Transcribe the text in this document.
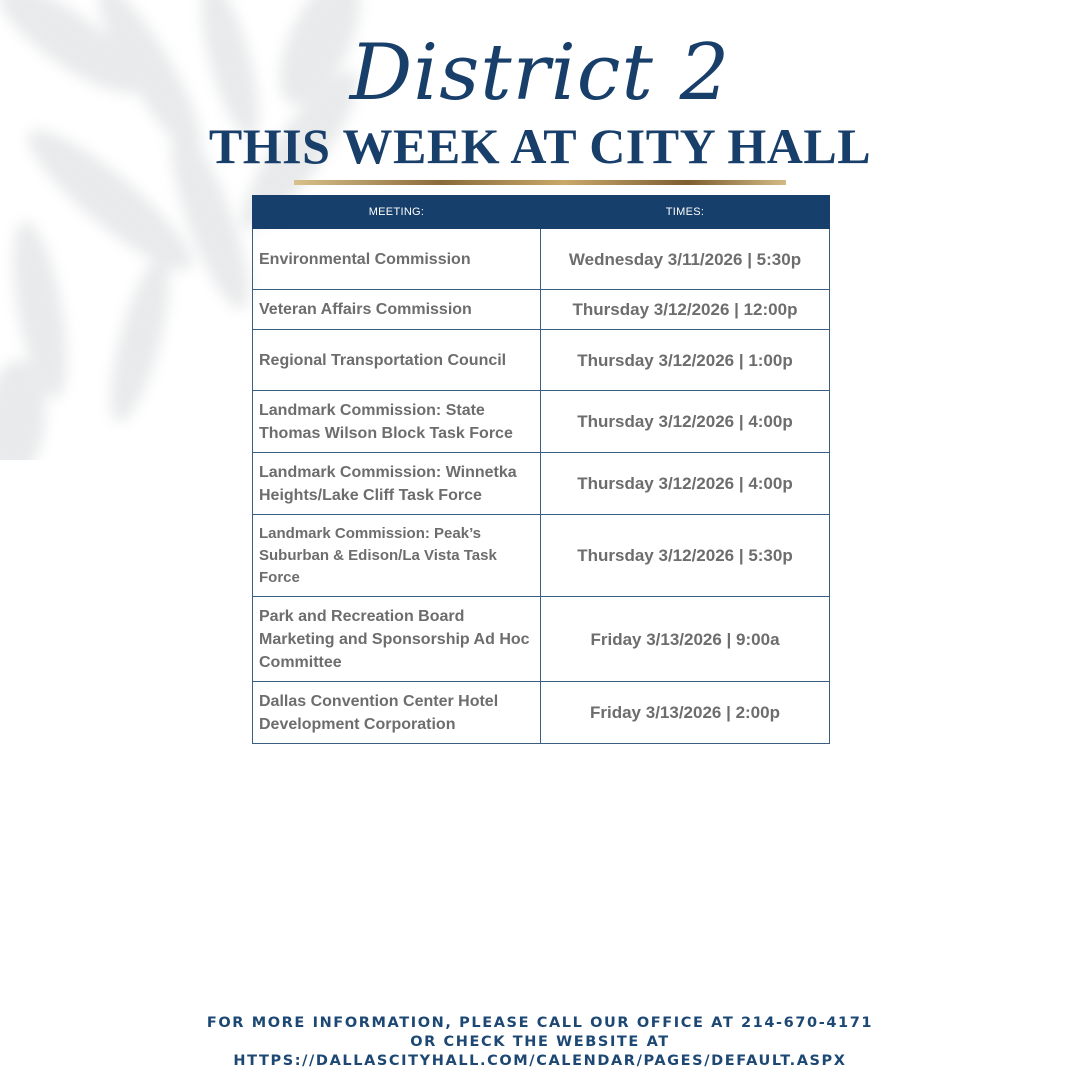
District 2
THIS WEEK AT CITY HALL
MEETING:	TIMES:
Environmental Commission	Wednesday 3/11/2026 | 5:30p
Veteran Affairs Commission	Thursday 3/12/2026 | 12:00p
Regional Transportation Council	Thursday 3/12/2026 | 1:00p
Landmark Commission: State Thomas Wilson Block Task Force	Thursday 3/12/2026 | 4:00p
Landmark Commission: Winnetka Heights/Lake Cliff Task Force	Thursday 3/12/2026 | 4:00p
Landmark Commission: Peak’s Suburban & Edison/La Vista Task Force	Thursday 3/12/2026 | 5:30p
Park and Recreation Board Marketing and Sponsorship Ad Hoc Committee	Friday 3/13/2026 | 9:00a
Dallas Convention Center Hotel Development Corporation	Friday 3/13/2026 | 2:00p
FOR MORE INFORMATION, PLEASE CALL OUR OFFICE AT 214-670-4171
OR CHECK THE WEBSITE AT
HTTPS://DALLASCITYHALL.COM/CALENDAR/PAGES/DEFAULT.ASPX
